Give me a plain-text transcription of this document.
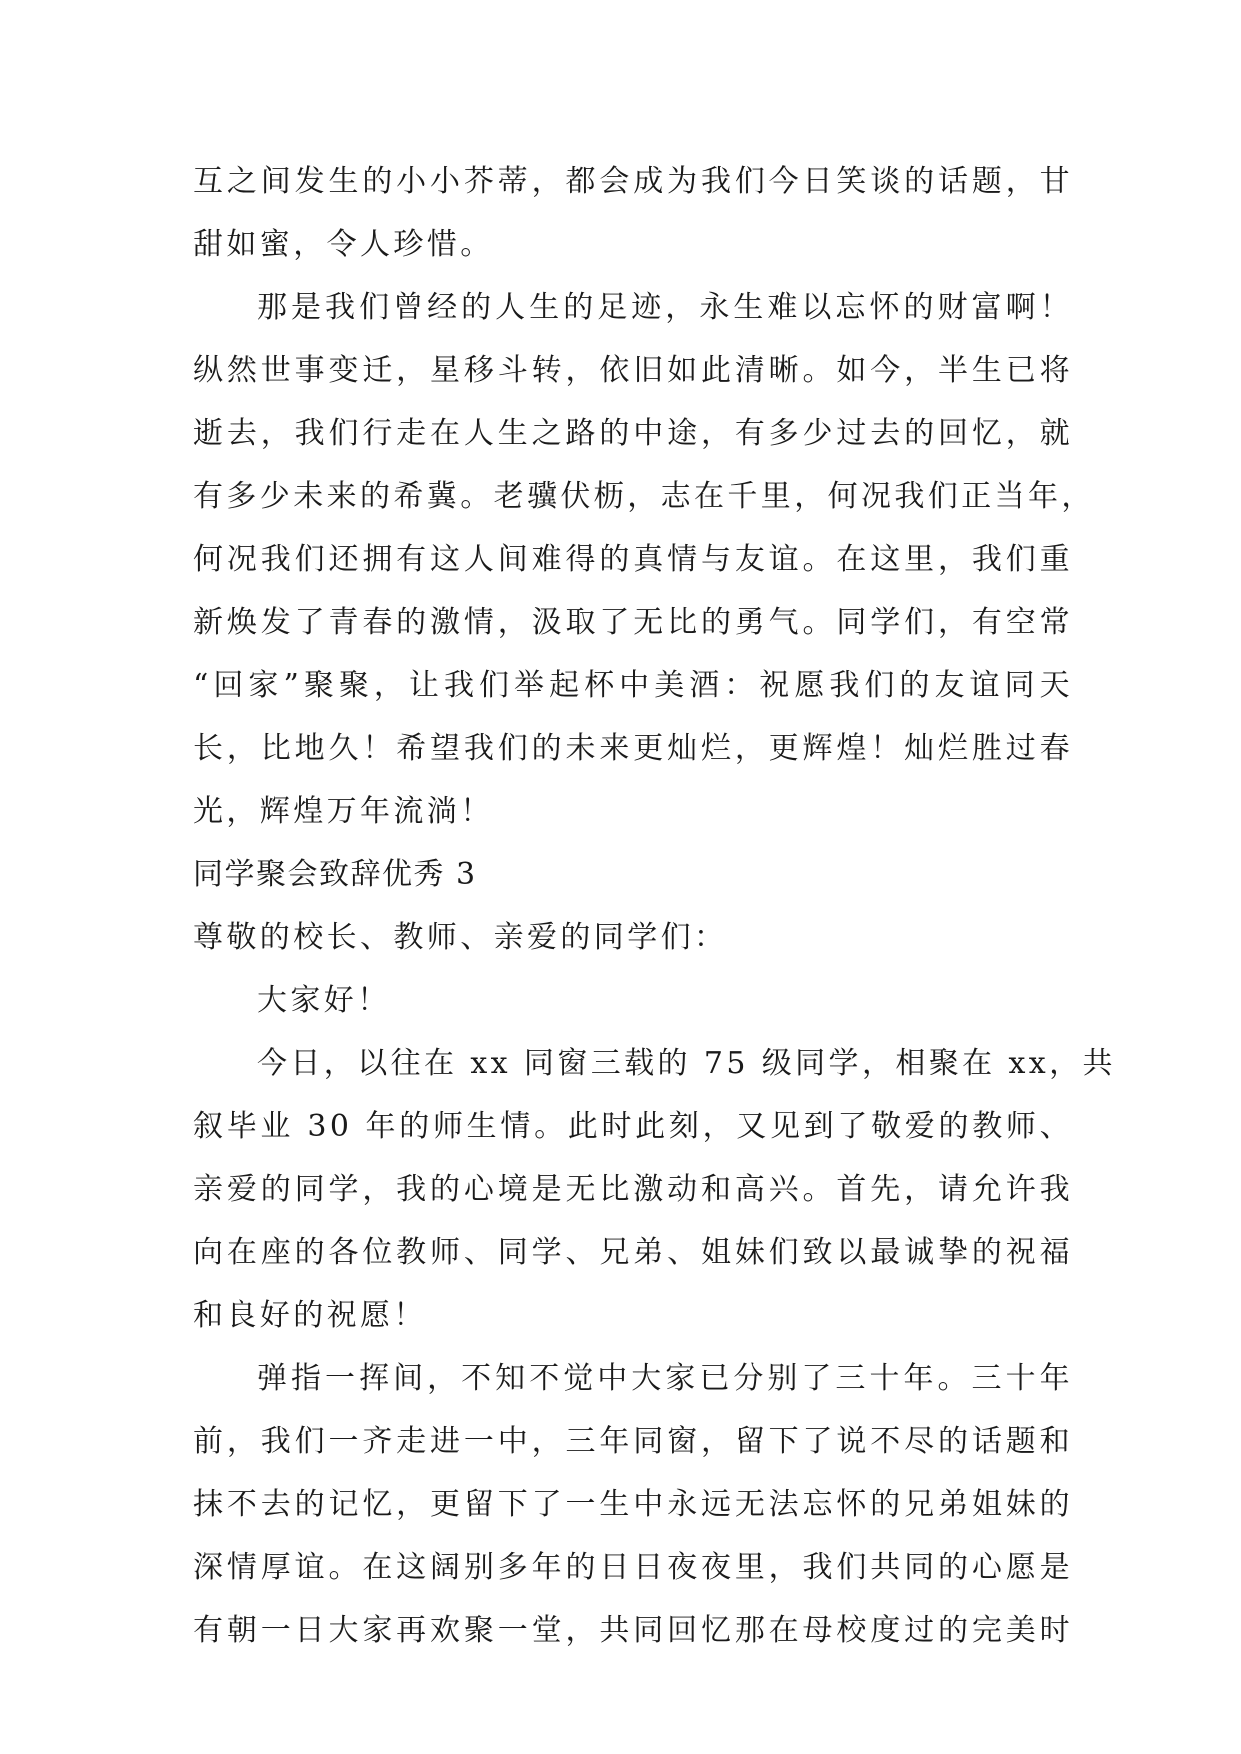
互之间发生的小小芥蒂，都会成为我们今日笑谈的话题，甘
甜如蜜，令人珍惜。
那是我们曾经的人生的足迹，永生难以忘怀的财富啊！
纵然世事变迁，星移斗转，依旧如此清晰。如今，半生已将
逝去，我们行走在人生之路的中途，有多少过去的回忆，就
有多少未来的希冀。老骥伏枥，志在千里，何况我们正当年，
何况我们还拥有这人间难得的真情与友谊。在这里，我们重
新焕发了青春的激情，汲取了无比的勇气。同学们，有空常
“回家”聚聚，让我们举起杯中美酒：祝愿我们的友谊同天
长，比地久！希望我们的未来更灿烂，更辉煌！灿烂胜过春
光，辉煌万年流淌！
同学聚会致辞优秀 3
尊敬的校长、教师、亲爱的同学们：
大家好！
今日，以往在 xx 同窗三载的 75 级同学，相聚在 xx，共
叙毕业 30 年的师生情。此时此刻，又见到了敬爱的教师、
亲爱的同学，我的心境是无比激动和高兴。首先，请允许我
向在座的各位教师、同学、兄弟、姐妹们致以最诚挚的祝福
和良好的祝愿！
弹指一挥间，不知不觉中大家已分别了三十年。三十年
前，我们一齐走进一中，三年同窗，留下了说不尽的话题和
抹不去的记忆，更留下了一生中永远无法忘怀的兄弟姐妹的
深情厚谊。在这阔别多年的日日夜夜里，我们共同的心愿是
有朝一日大家再欢聚一堂，共同回忆那在母校度过的完美时
